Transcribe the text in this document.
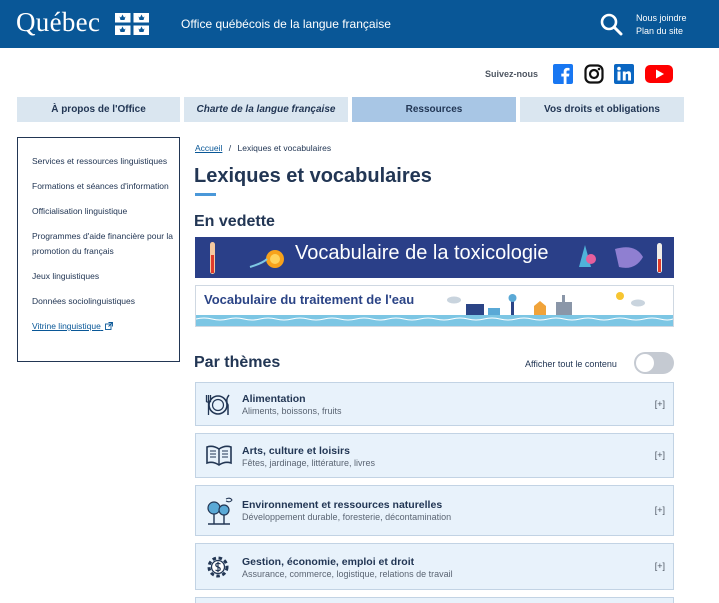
Québec	Office québécois de la langue française	Nous joindre
Plan du site
Suivez-nous
À propos de l'Office	Charte de la langue française	Ressources	Vos droits et obligations
Services et ressources linguistiques
Formations et séances d'information
Officialisation linguistique
Programmes d'aide financière pour la promotion du français
Jeux linguistiques
Données sociolinguistiques
Vitrine linguistique
Accueil / Lexiques et vocabulaires
Lexiques et vocabulaires
En vedette
Vocabulaire de la toxicologie
Vocabulaire du traitement de l'eau
Par thèmes	Afficher tout le contenu
Alimentation
Aliments, boissons, fruits
[+]
Arts, culture et loisirs
Fêtes, jardinage, littérature, livres
[+]
Environnement et ressources naturelles
Développement durable, foresterie, décontamination
[+]
Gestion, économie, emploi et droit
Assurance, commerce, logistique, relations de travail
[+]
